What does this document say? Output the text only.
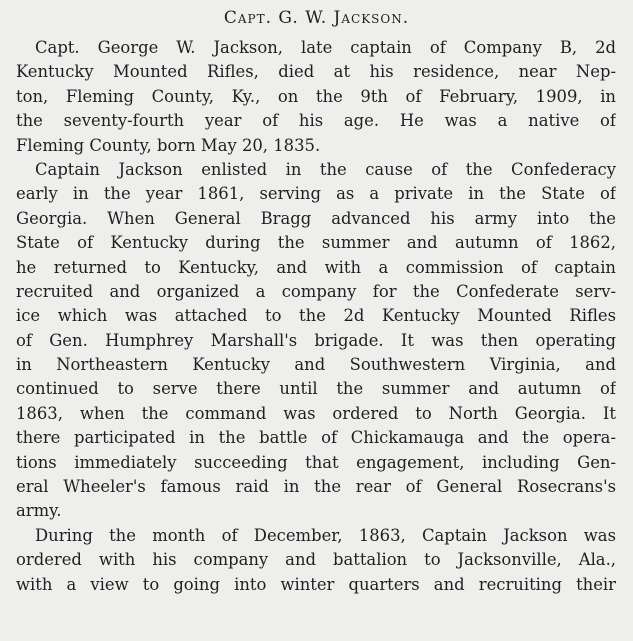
Capt. G. W. Jackson.
Capt. George W. Jackson, late captain of Company B, 2d
Kentucky Mounted Rifles, died at his residence, near Nep-
ton, Fleming County, Ky., on the 9th of February, 1909, in
the seventy-fourth year of his age. He was a native of
Fleming County, born May 20, 1835.
Captain Jackson enlisted in the cause of the Confederacy
early in the year 1861, serving as a private in the State of
Georgia. When General Bragg advanced his army into the
State of Kentucky during the summer and autumn of 1862,
he returned to Kentucky, and with a commission of captain
recruited and organized a company for the Confederate serv-
ice which was attached to the 2d Kentucky Mounted Rifles
of Gen. Humphrey Marshall's brigade. It was then operating
in Northeastern Kentucky and Southwestern Virginia, and
continued to serve there until the summer and autumn of
1863, when the command was ordered to North Georgia. It
there participated in the battle of Chickamauga and the opera-
tions immediately succeeding that engagement, including Gen-
eral Wheeler's famous raid in the rear of General Rosecrans's
army.
During the month of December, 1863, Captain Jackson was
ordered with his company and battalion to Jacksonville, Ala.,
with a view to going into winter quarters and recruiting their
